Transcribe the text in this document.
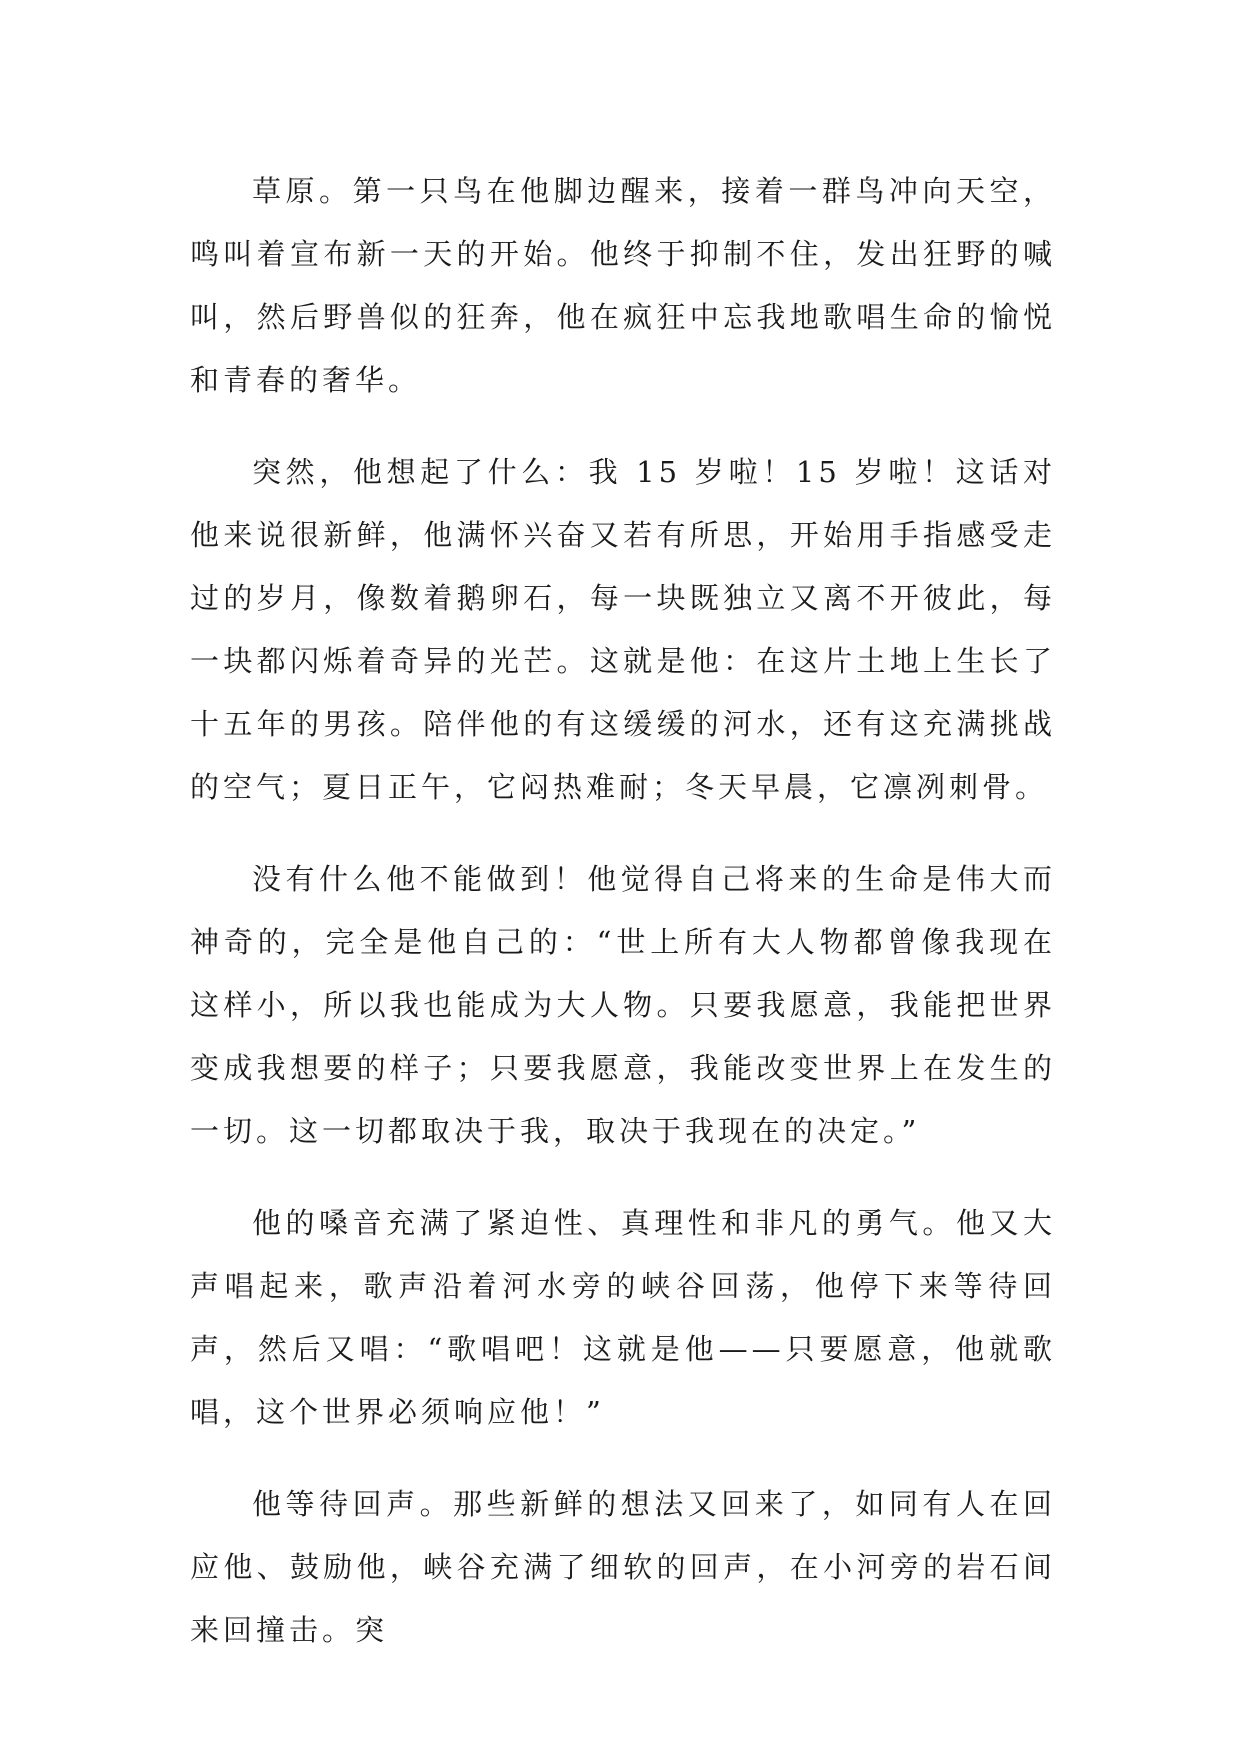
草原。第一只鸟在他脚边醒来，接着一群鸟冲向天空，鸣叫着宣布新一天的开始。他终于抑制不住，发出狂野的喊叫，然后野兽似的狂奔，他在疯狂中忘我地歌唱生命的愉悦和青春的奢华。

突然，他想起了什么：我 15 岁啦！15 岁啦！这话对他来说很新鲜，他满怀兴奋又若有所思，开始用手指感受走过的岁月，像数着鹅卵石，每一块既独立又离不开彼此，每一块都闪烁着奇异的光芒。这就是他：在这片土地上生长了十五年的男孩。陪伴他的有这缓缓的河水，还有这充满挑战的空气；夏日正午，它闷热难耐；冬天早晨，它凛冽刺骨。

没有什么他不能做到！他觉得自己将来的生命是伟大而神奇的，完全是他自己的：“世上所有大人物都曾像我现在这样小，所以我也能成为大人物。只要我愿意，我能把世界变成我想要的样子；只要我愿意，我能改变世界上在发生的一切。这一切都取决于我，取决于我现在的决定。”

他的嗓音充满了紧迫性、真理性和非凡的勇气。他又大声唱起来，歌声沿着河水旁的峡谷回荡，他停下来等待回声，然后又唱：“歌唱吧！这就是他——只要愿意，他就歌唱，这个世界必须响应他！”

他等待回声。那些新鲜的想法又回来了，如同有人在回应他、鼓励他，峡谷充满了细软的回声，在小河旁的岩石间来回撞击。突
